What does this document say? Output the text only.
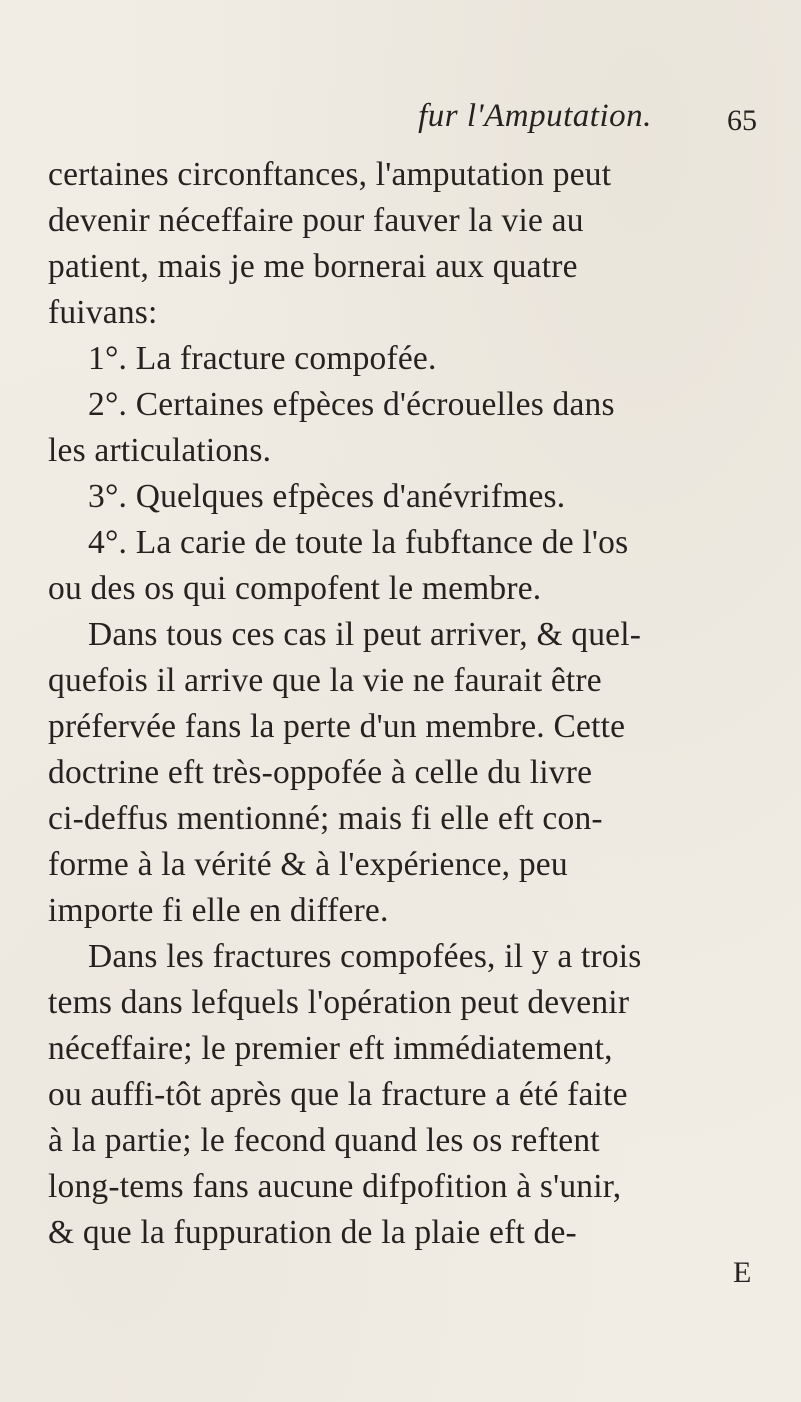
fur l'Amputation.	65
certaines circonftances, l'amputation peut
devenir néceffaire pour fauver la vie au
patient, mais je me bornerai aux quatre
fuivans:
1°. La fracture compofée.
2°. Certaines efpèces d'écrouelles dans
les articulations.
3°. Quelques efpèces d'anévrifmes.
4°. La carie de toute la fubftance de l'os
ou des os qui compofent le membre.
Dans tous ces cas il peut arriver, & quel-
quefois il arrive que la vie ne faurait être
préfervée fans la perte d'un membre. Cette
doctrine eft très-oppofée à celle du livre
ci-deffus mentionné; mais fi elle eft con-
forme à la vérité & à l'expérience, peu
importe fi elle en differe.
Dans les fractures compofées, il y a trois
tems dans lefquels l'opération peut devenir
néceffaire; le premier eft immédiatement,
ou auffi-tôt après que la fracture a été faite
à la partie; le fecond quand les os reftent
long-tems fans aucune difpofition à s'unir,
& que la fuppuration de la plaie eft de-
E
